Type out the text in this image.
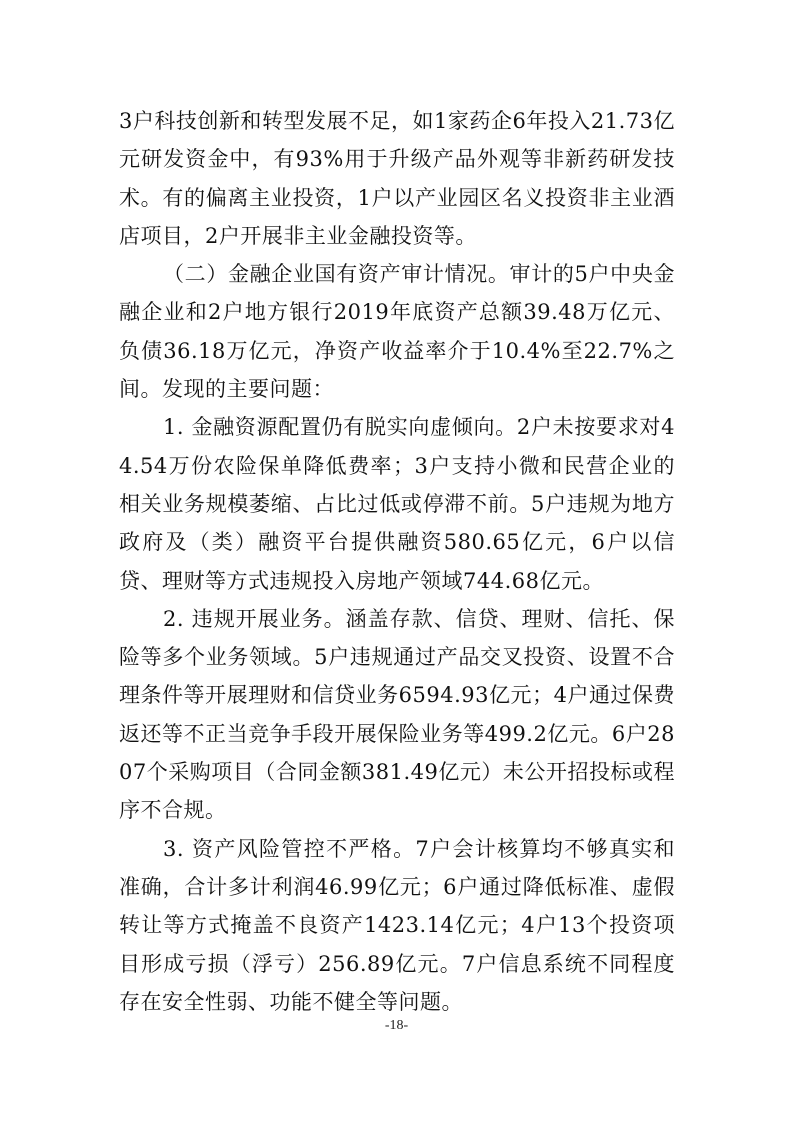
3户科技创新和转型发展不足，如1家药企6年投入21.73亿元研发资金中，有93%用于升级产品外观等非新药研发技术。有的偏离主业投资，1户以产业园区名义投资非主业酒店项目，2户开展非主业金融投资等。

（二）金融企业国有资产审计情况。审计的5户中央金融企业和2户地方银行2019年底资产总额39.48万亿元、负债36.18万亿元，净资产收益率介于10.4%至22.7%之间。发现的主要问题：

1. 金融资源配置仍有脱实向虚倾向。2户未按要求对44.54万份农险保单降低费率；3户支持小微和民营企业的相关业务规模萎缩、占比过低或停滞不前。5户违规为地方政府及（类）融资平台提供融资580.65亿元，6户以信贷、理财等方式违规投入房地产领域744.68亿元。

2. 违规开展业务。涵盖存款、信贷、理财、信托、保险等多个业务领域。5户违规通过产品交叉投资、设置不合理条件等开展理财和信贷业务6594.93亿元；4户通过保费返还等不正当竞争手段开展保险业务等499.2亿元。6户2807个采购项目（合同金额381.49亿元）未公开招投标或程序不合规。

3. 资产风险管控不严格。7户会计核算均不够真实和准确，合计多计利润46.99亿元；6户通过降低标准、虚假转让等方式掩盖不良资产1423.14亿元；4户13个投资项目形成亏损（浮亏）256.89亿元。7户信息系统不同程度存在安全性弱、功能不健全等问题。

-18-
